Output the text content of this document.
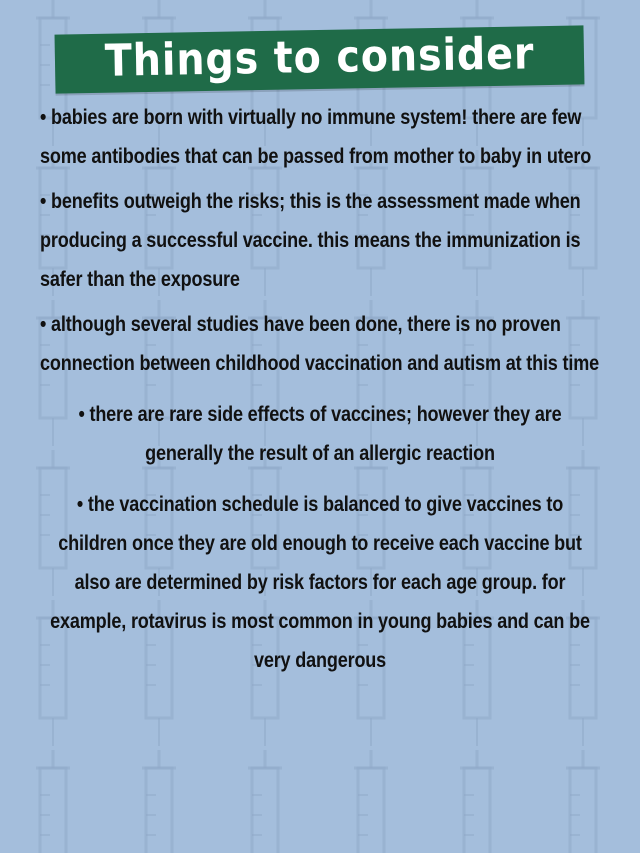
Things to consider

• babies are born with virtually no immune system! there are few some antibodies that can be passed from mother to baby in utero

• benefits outweigh the risks; this is the assessment made when producing a successful vaccine. this means the immunization is safer than the exposure

• although several studies have been done, there is no proven connection between childhood vaccination and autism at this time

• there are rare side effects of vaccines; however they are generally the result of an allergic reaction

• the vaccination schedule is balanced to give vaccines to children once they are old enough to receive each vaccine but also are determined by risk factors for each age group. for example, rotavirus is most common in young babies and can be very dangerous
